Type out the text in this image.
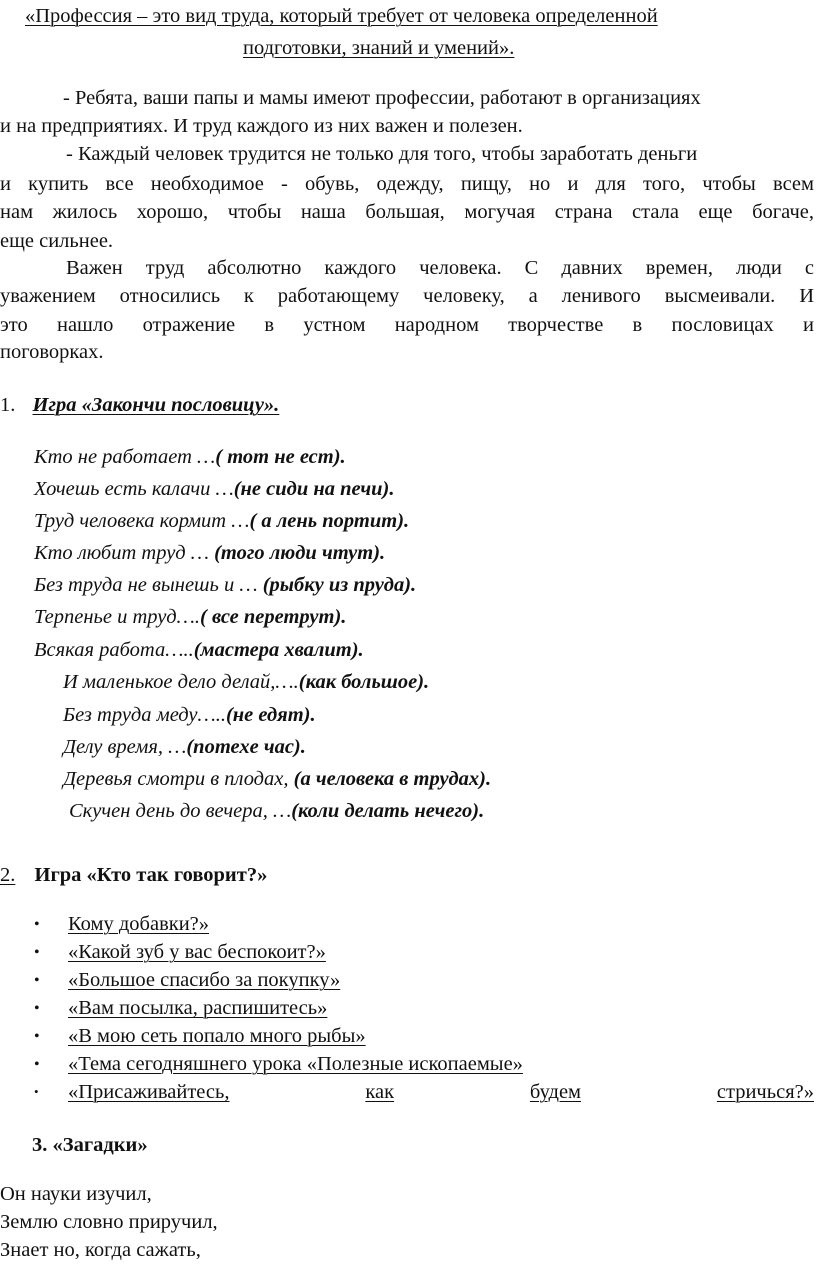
«Профессия – это вид труда, который требует от человека определенной
подготовки, знаний и умений».
- Ребята, ваши папы и мамы имеют профессии, работают в организациях
и на предприятиях. И труд каждого из них важен и полезен.
- Каждый человек трудится не только для того, чтобы заработать деньги
и купить все необходимое - обувь, одежду, пищу, но и для того, чтобы всем
нам жилось хорошо, чтобы наша большая, могучая страна стала еще богаче,
еще сильнее.
Важен труд абсолютно каждого человека. С давних времен, люди с
уважением относились к работающему человеку, а ленивого высмеивали. И
это нашло отражение в устном народном творчестве в пословицах и
поговорках.
1. Игра «Закончи пословицу».
Кто не работает …( тот не ест).
Хочешь есть калачи …(не сиди на печи).
Труд человека кормит …( а лень портит).
Кто любит труд … (того люди чтут).
Без труда не вынешь и … (рыбку из пруда).
Терпенье и труд….( все перетрут).
Всякая работа…..(мастера хвалит).
И маленькое дело делай,….(как большое).
Без труда меду…..(не едят).
Делу время, …(потехе час).
Деревья смотри в плодах, (а человека в трудах).
Скучен день до вечера, …(коли делать нечего).
2. Игра «Кто так говорит?»
• Кому добавки?»
• «Какой зуб у вас беспокоит?»
• «Большое спасибо за покупку»
• «Вам посылка, распишитесь»
• «В мою сеть попало много рыбы»
• «Тема сегодняшнего урока «Полезные ископаемые»
• «Присаживайтесь,	как	будем	стричься?»
3. «Загадки»
Он науки изучил,
Землю словно приручил,
Знает но, когда сажать,
